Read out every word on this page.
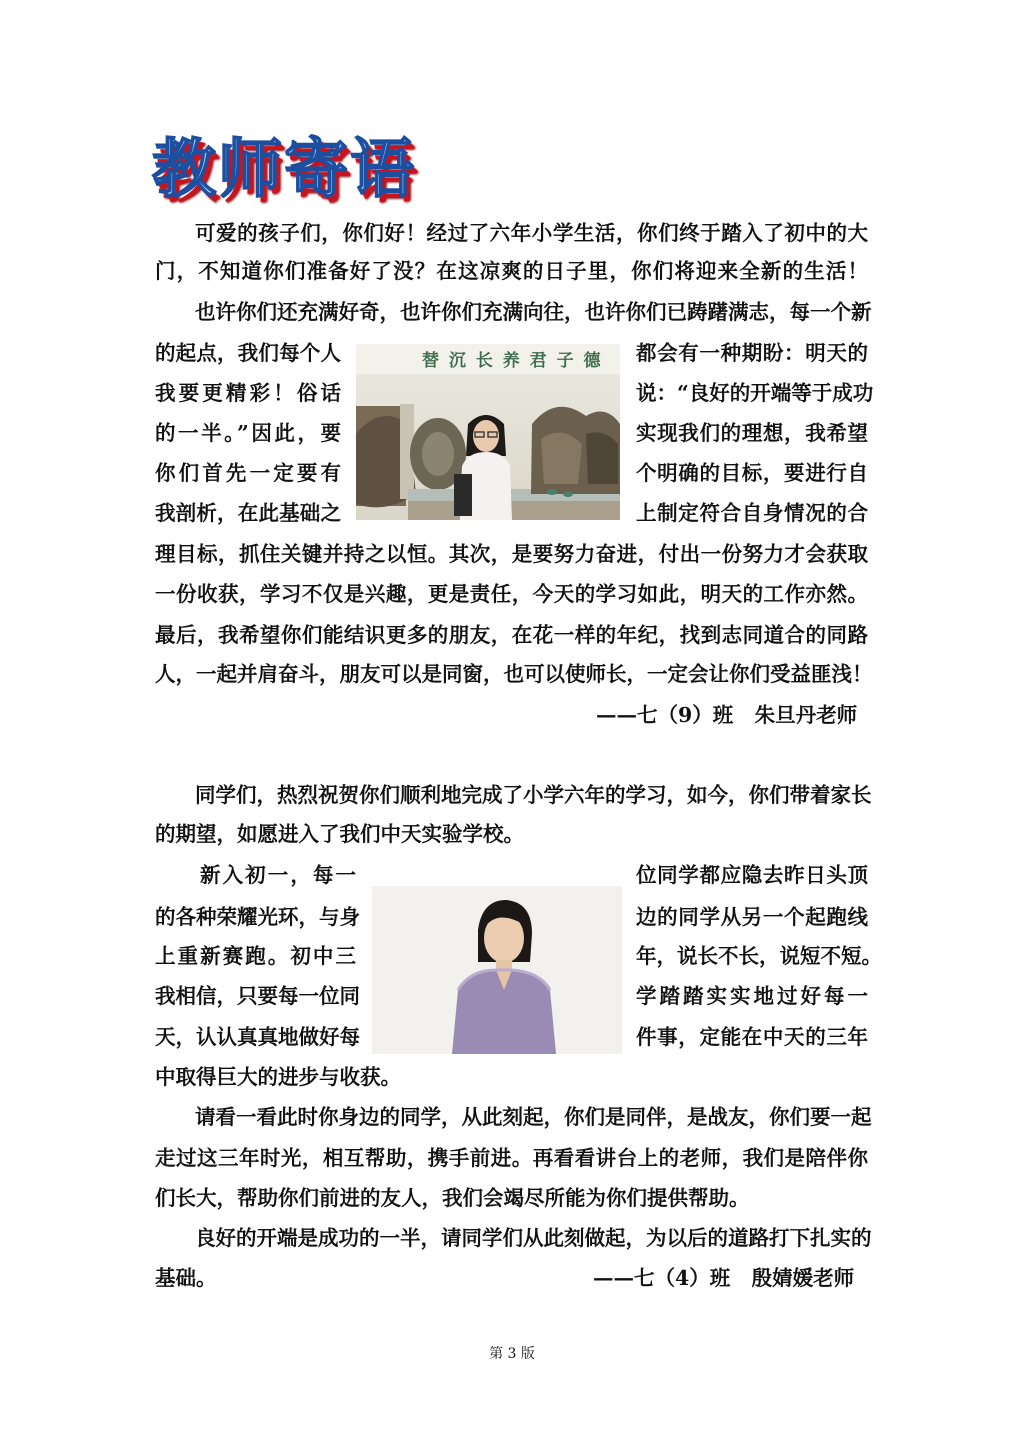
教师寄语
可爱的孩子们，你们好！经过了六年小学生活，你们终于踏入了初中的大
门，不知道你们准备好了没？在这凉爽的日子里，你们将迎来全新的生活！
也许你们还充满好奇，也许你们充满向往，也许你们已踌躇满志，每一个新
的起点，我们每个人
我要更精彩！俗话
的一半。”因此，要
你们首先一定要有
我剖析，在此基础之
都会有一种期盼：明天的
说：“良好的开端等于成功
实现我们的理想，我希望
个明确的目标，要进行自
上制定符合自身情况的合
替 沉 长 养 君 子 德
理目标，抓住关键并持之以恒。其次，是要努力奋进，付出一份努力才会获取
一份收获，学习不仅是兴趣，更是责任，今天的学习如此，明天的工作亦然。
最后，我希望你们能结识更多的朋友，在花一样的年纪，找到志同道合的同路
人，一起并肩奋斗，朋友可以是同窗，也可以使师长，一定会让你们受益匪浅！
——七（9）班   朱旦丹老师
同学们，热烈祝贺你们顺利地完成了小学六年的学习，如今，你们带着家长
的期望，如愿进入了我们中天实验学校。
新入初一，每一
的各种荣耀光环，与身
上重新赛跑。初中三
我相信，只要每一位同
天，认认真真地做好每
位同学都应隐去昨日头顶
边的同学从另一个起跑线
年，说长不长，说短不短。
学踏踏实实地过好每一
件事，定能在中天的三年
中取得巨大的进步与收获。
请看一看此时你身边的同学，从此刻起，你们是同伴，是战友，你们要一起
走过这三年时光，相互帮助，携手前进。再看看讲台上的老师，我们是陪伴你
们长大，帮助你们前进的友人，我们会竭尽所能为你们提供帮助。
良好的开端是成功的一半，请同学们从此刻做起，为以后的道路打下扎实的
基础。	——七（4）班   殷婧媛老师
第 3 版
